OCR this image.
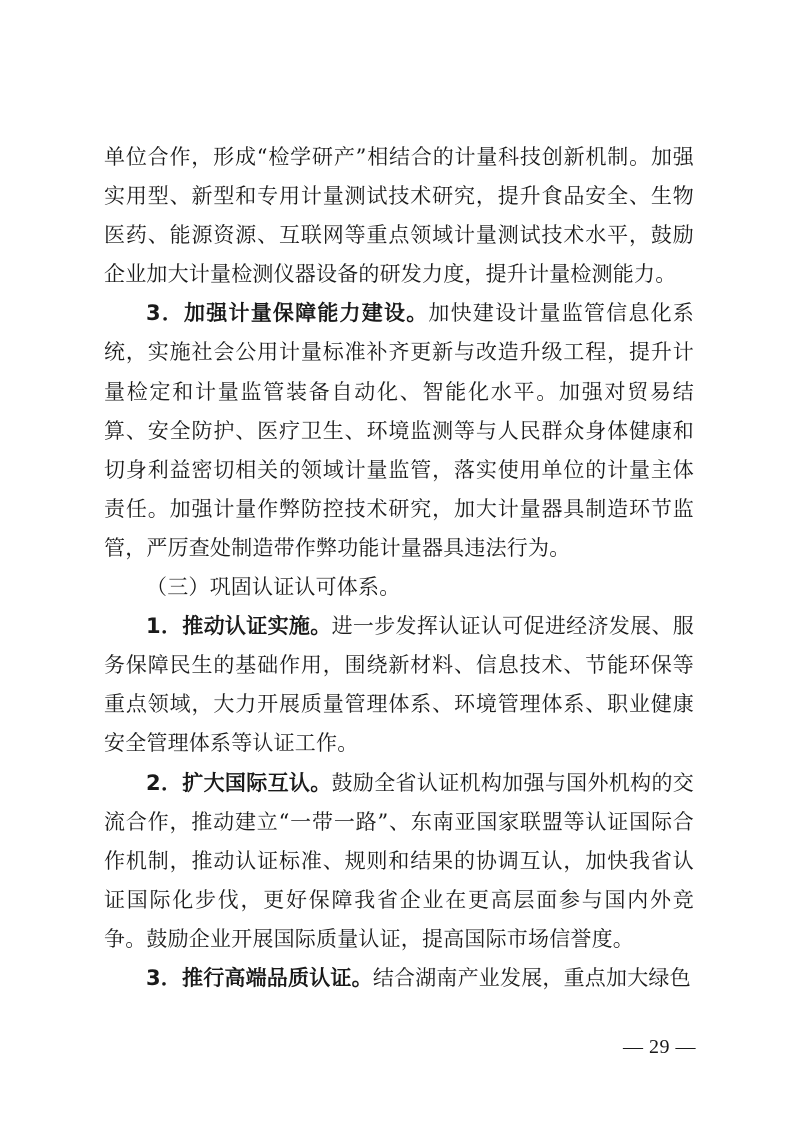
单位合作，形成“检学研产”相结合的计量科技创新机制。加强实用型、新型和专用计量测试技术研究，提升食品安全、生物医药、能源资源、互联网等重点领域计量测试技术水平，鼓励企业加大计量检测仪器设备的研发力度，提升计量检测能力。

3．加强计量保障能力建设。加快建设计量监管信息化系统，实施社会公用计量标准补齐更新与改造升级工程，提升计量检定和计量监管装备自动化、智能化水平。加强对贸易结算、安全防护、医疗卫生、环境监测等与人民群众身体健康和切身利益密切相关的领域计量监管，落实使用单位的计量主体责任。加强计量作弊防控技术研究，加大计量器具制造环节监管，严厉查处制造带作弊功能计量器具违法行为。

（三）巩固认证认可体系。

1．推动认证实施。进一步发挥认证认可促进经济发展、服务保障民生的基础作用，围绕新材料、信息技术、节能环保等重点领域，大力开展质量管理体系、环境管理体系、职业健康安全管理体系等认证工作。

2．扩大国际互认。鼓励全省认证机构加强与国外机构的交流合作，推动建立“一带一路”、东南亚国家联盟等认证国际合作机制，推动认证标准、规则和结果的协调互认，加快我省认证国际化步伐，更好保障我省企业在更高层面参与国内外竞争。鼓励企业开展国际质量认证，提高国际市场信誉度。

3．推行高端品质认证。结合湖南产业发展，重点加大绿色

— 29 —
